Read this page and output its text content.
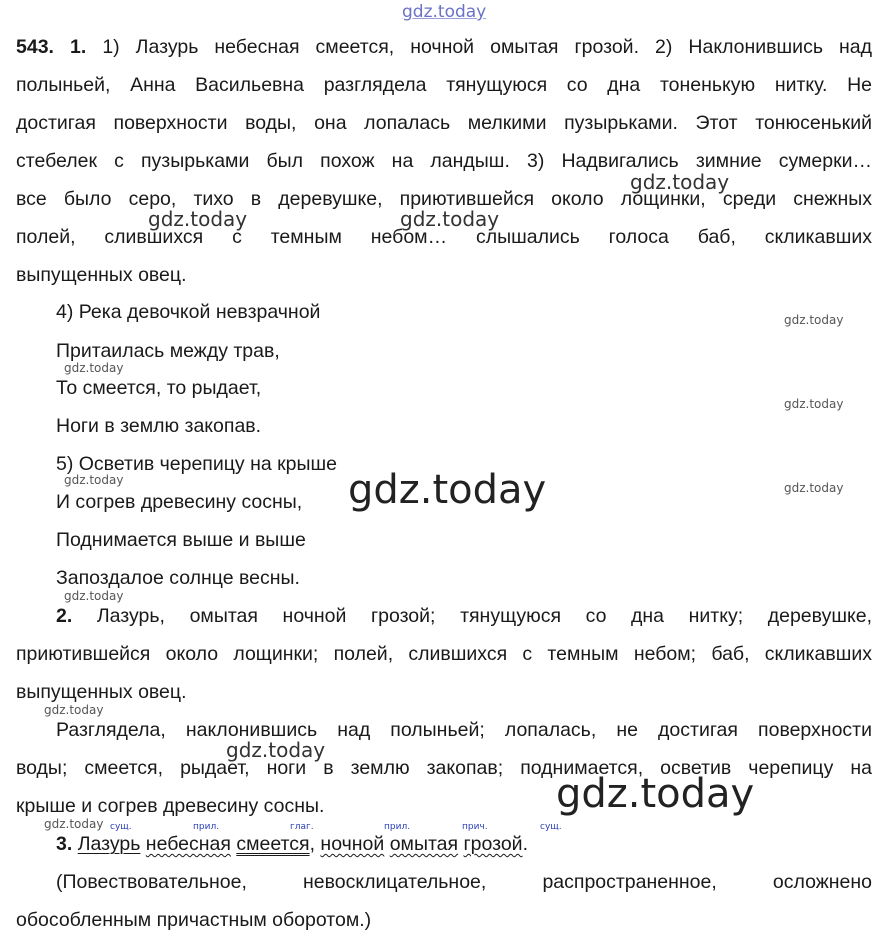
gdz.today
gdz.today
gdz.today	gdz.today
gdz.today
gdz.today
gdz.today
gdz.today
gdz.today
gdz.today
gdz.today
gdz.today
gdz.today
gdz.today
gdz.today
543. 1. 1) Лазурь небесная смеется, ночной омытая грозой. 2) Наклонившись над
полыньей, Анна Васильевна разглядела тянущуюся со дна тоненькую нитку. Не
достигая поверхности воды, она лопалась мелкими пузырьками. Этот тонюсенький
стебелек с пузырьками был похож на ландыш. 3) Надвигались зимние сумерки…
все было серо, тихо в деревушке, приютившейся около лощинки, среди снежных
полей, слившихся с темным небом… слышались голоса баб, скликавших
выпущенных овец.
4) Река девочкой невзрачной
Притаилась между трав,
То смеется, то рыдает,
Ноги в землю закопав.
5) Осветив черепицу на крыше
И согрев древесину сосны,
Поднимается выше и выше
Запоздалое солнце весны.
2. Лазурь, омытая ночной грозой; тянущуюся со дна нитку; деревушке,
приютившейся около лощинки; полей, слившихся с темным небом; баб, скликавших
выпущенных овец.
Разглядела, наклонившись над полыньей; лопалась, не достигая поверхности
воды; смеется, рыдает, ноги в землю закопав; поднимается, осветив черепицу на
крыше и согрев древесину сосны.
сущ.	прил.	глаг.	прил.	прич.	сущ.
3. Лазурь небесная смеется, ночной омытая грозой.
(Повествовательное, невосклицательное, распространенное, осложнено
обособленным причастным оборотом.)
